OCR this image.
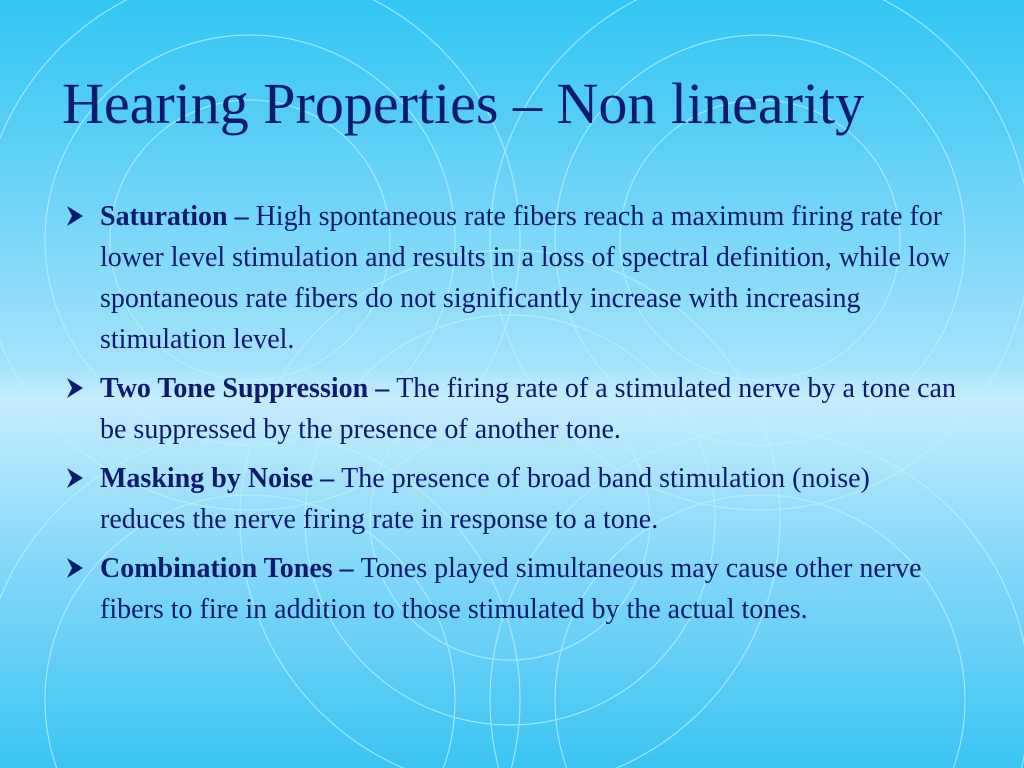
Hearing Properties – Non linearity
Saturation – High spontaneous rate fibers reach a maximum firing rate for lower level stimulation and results in a loss of spectral definition, while low spontaneous rate fibers do not significantly increase with increasing stimulation level.
Two Tone Suppression – The firing rate of a stimulated nerve by a tone can be suppressed by the presence of another tone.
Masking by Noise – The presence of broad band stimulation (noise) reduces the nerve firing rate in response to a tone.
Combination Tones – Tones played simultaneous may cause other nerve fibers to fire in addition to those stimulated by the actual tones.
